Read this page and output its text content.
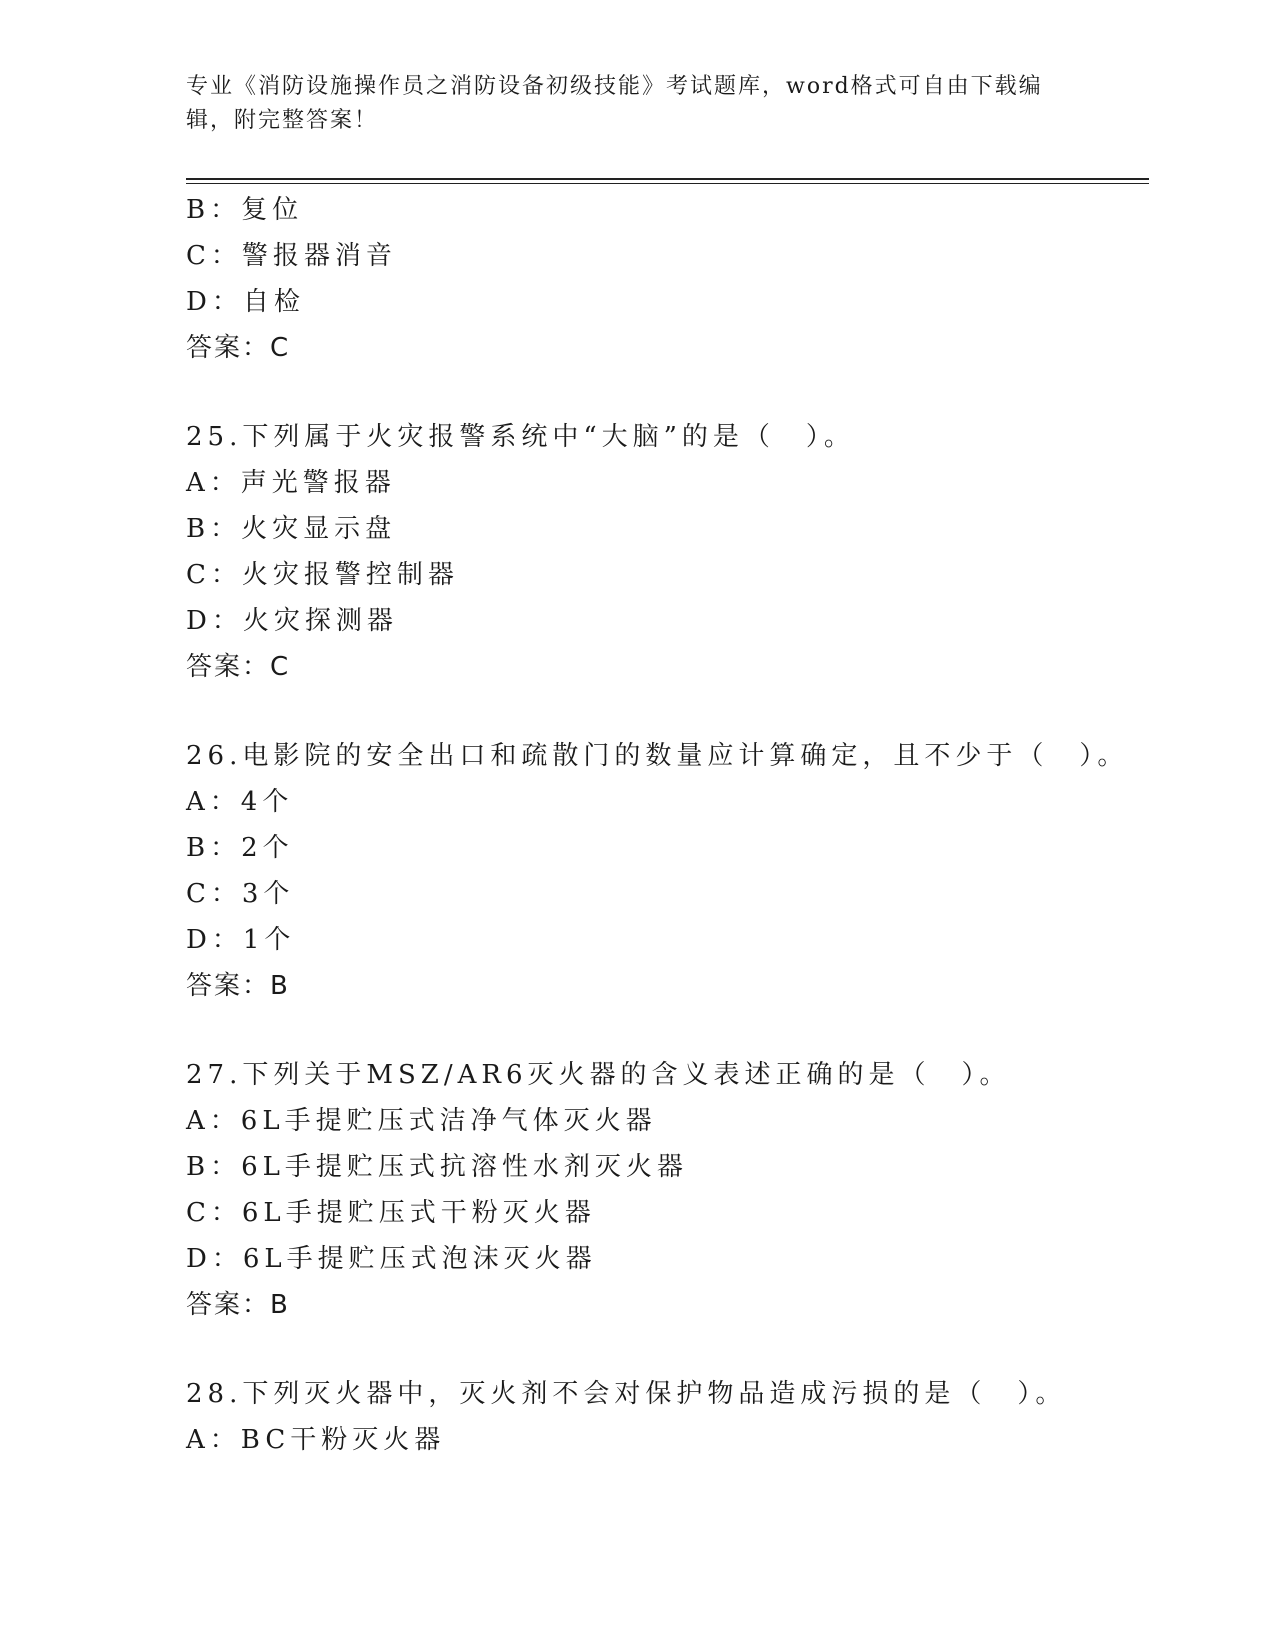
专业《消防设施操作员之消防设备初级技能》考试题库，word格式可自由下载编辑，附完整答案！

B：复位
C：警报器消音
D：自检
答案：C
25.下列属于火灾报警系统中“大脑”的是（　）。
A：声光警报器
B：火灾显示盘
C：火灾报警控制器
D：火灾探测器
答案：C
26.电影院的安全出口和疏散门的数量应计算确定，且不少于（　）。
A：4个
B：2个
C：3个
D：1个
答案：B
27.下列关于MSZ/AR6灭火器的含义表述正确的是（　）。
A：6L手提贮压式洁净气体灭火器
B：6L手提贮压式抗溶性水剂灭火器
C：6L手提贮压式干粉灭火器
D：6L手提贮压式泡沫灭火器
答案：B
28.下列灭火器中，灭火剂不会对保护物品造成污损的是（　）。
A：BC干粉灭火器
